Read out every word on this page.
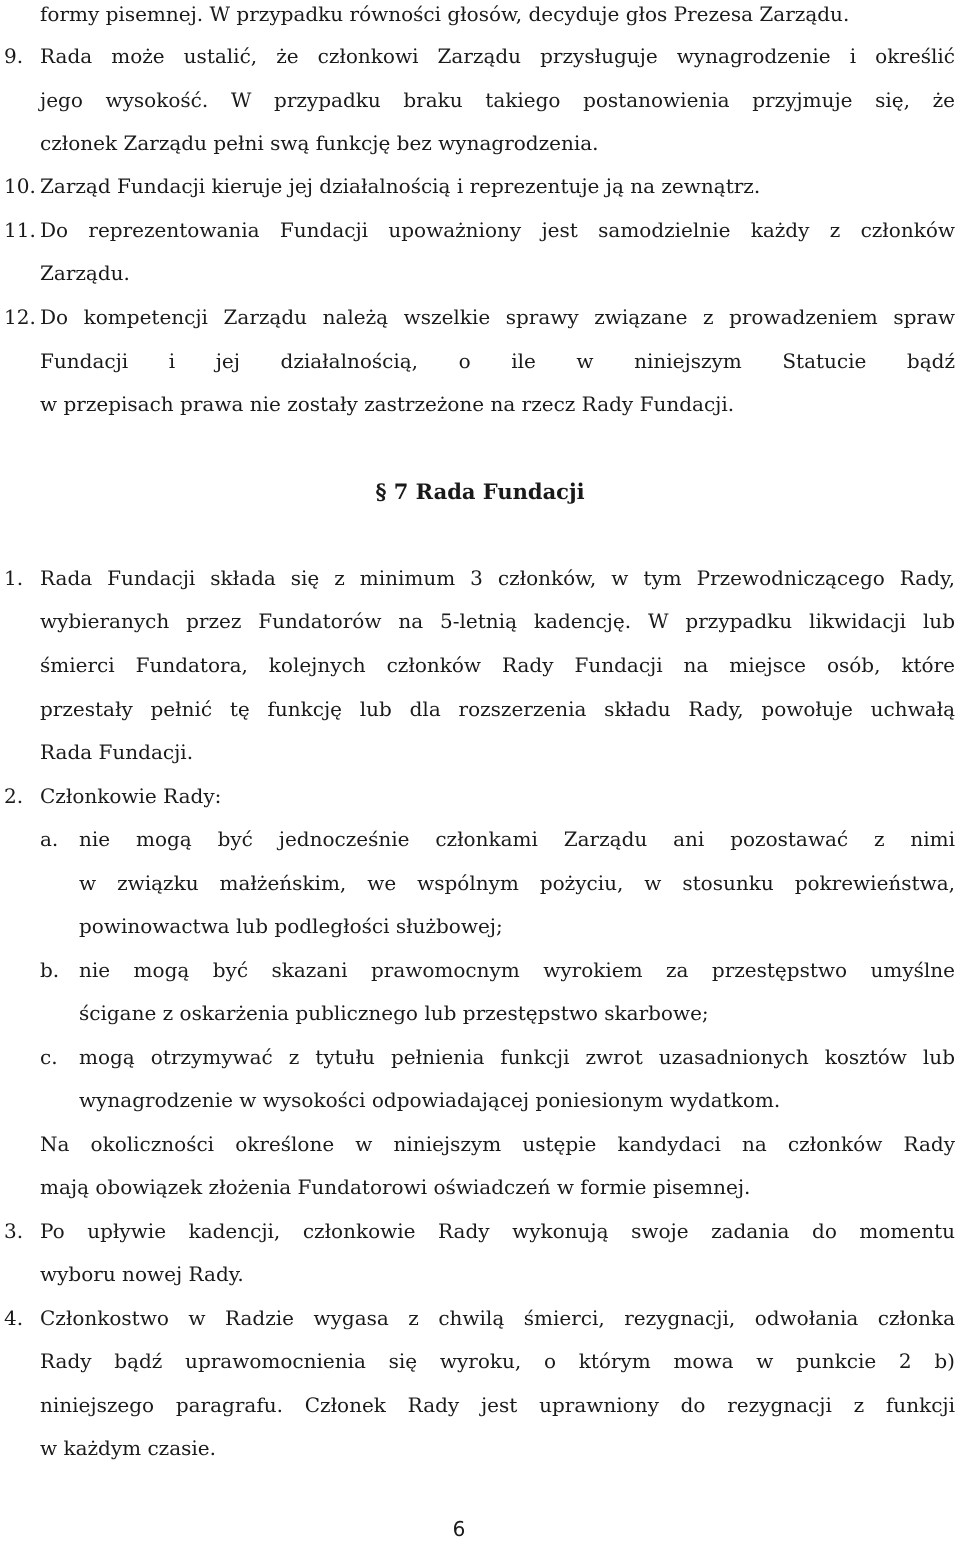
formy pisemnej. W przypadku równości głosów, decyduje głos Prezesa Zarządu.
9. Rada może ustalić, że członkowi Zarządu przysługuje wynagrodzenie i określić
jego wysokość. W przypadku braku takiego postanowienia przyjmuje się, że
członek Zarządu pełni swą funkcję bez wynagrodzenia.
10. Zarząd Fundacji kieruje jej działalnością i reprezentuje ją na zewnątrz.
11. Do reprezentowania Fundacji upoważniony jest samodzielnie każdy z członków
Zarządu.
12. Do kompetencji Zarządu należą wszelkie sprawy związane z prowadzeniem spraw
Fundacji i jej działalnością, o ile w niniejszym Statucie bądź
w przepisach prawa nie zostały zastrzeżone na rzecz Rady Fundacji.
§ 7 Rada Fundacji
1. Rada Fundacji składa się z minimum 3 członków, w tym Przewodniczącego Rady,
wybieranych przez Fundatorów na 5-letnią kadencję. W przypadku likwidacji lub
śmierci Fundatora, kolejnych członków Rady Fundacji na miejsce osób, które
przestały pełnić tę funkcję lub dla rozszerzenia składu Rady, powołuje uchwałą
Rada Fundacji.
2. Członkowie Rady:
a. nie mogą być jednocześnie członkami Zarządu ani pozostawać z nimi
w związku małżeńskim, we wspólnym pożyciu, w stosunku pokrewieństwa,
powinowactwa lub podległości służbowej;
b. nie mogą być skazani prawomocnym wyrokiem za przestępstwo umyślne
ścigane z oskarżenia publicznego lub przestępstwo skarbowe;
c. mogą otrzymywać z tytułu pełnienia funkcji zwrot uzasadnionych kosztów lub
wynagrodzenie w wysokości odpowiadającej poniesionym wydatkom.
Na okoliczności określone w niniejszym ustępie kandydaci na członków Rady
mają obowiązek złożenia Fundatorowi oświadczeń w formie pisemnej.
3. Po upływie kadencji, członkowie Rady wykonują swoje zadania do momentu
wyboru nowej Rady.
4. Członkostwo w Radzie wygasa z chwilą śmierci, rezygnacji, odwołania członka
Rady bądź uprawomocnienia się wyroku, o którym mowa w punkcie 2 b)
niniejszego paragrafu. Członek Rady jest uprawniony do rezygnacji z funkcji
w każdym czasie.
6
